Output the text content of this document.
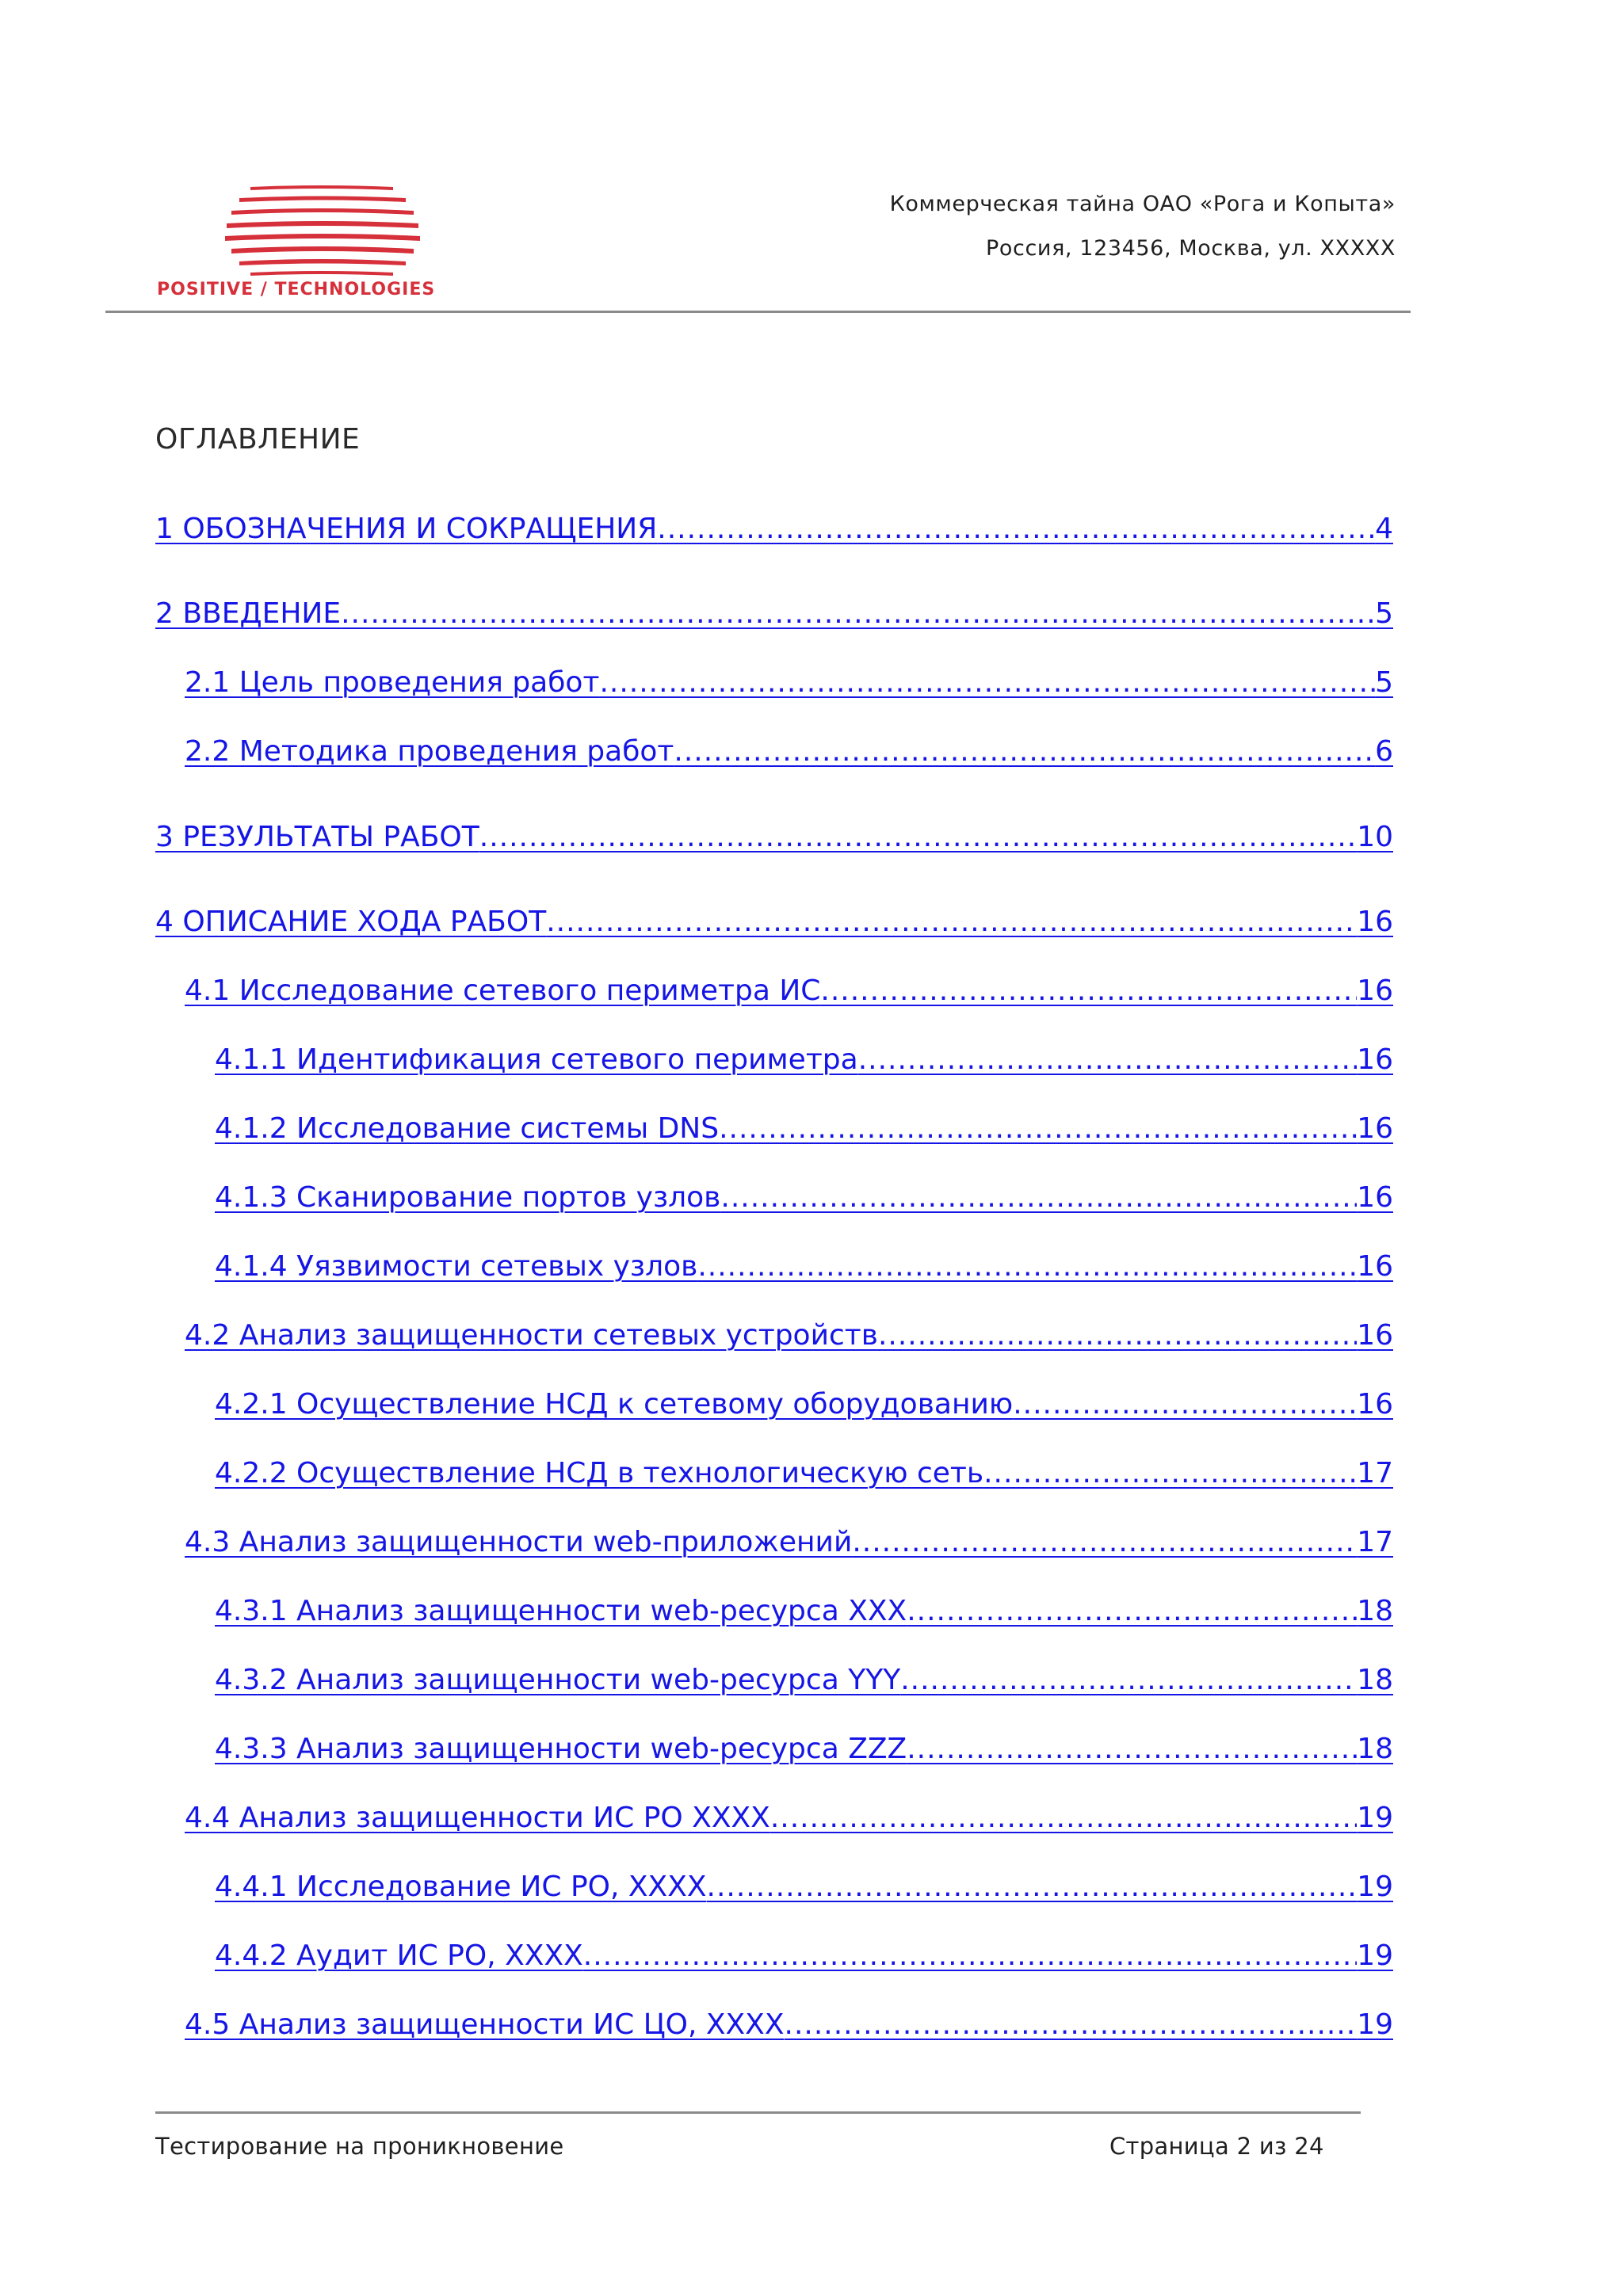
POSITIVE / TECHNOLOGIES
Коммерческая тайна ОАО «Рога и Копыта»
Россия, 123456, Москва, ул. XXXXX
ОГЛАВЛЕНИЕ
1 ОБОЗНАЧЕНИЯ И СОКРАЩЕНИЯ .....	4
2 ВВЕДЕНИЕ .....	5
2.1 Цель проведения работ .....	5
2.2 Методика проведения работ .....	6
3 РЕЗУЛЬТАТЫ РАБОТ .....	10
4 ОПИСАНИЕ ХОДА РАБОТ .....	16
4.1 Исследование сетевого периметра ИС .....	16
4.1.1 Идентификация сетевого периметра .....	16
4.1.2 Исследование системы DNS .....	16
4.1.3 Сканирование портов узлов .....	16
4.1.4 Уязвимости сетевых узлов .....	16
4.2 Анализ защищенности сетевых устройств .....	16
4.2.1 Осуществление НСД к сетевому оборудованию .....	16
4.2.2 Осуществление НСД в технологическую сеть .....	17
4.3 Анализ защищенности web-приложений .....	17
4.3.1 Анализ защищенности web-ресурса XXX .....	18
4.3.2 Анализ защищенности web-ресурса YYY .....	18
4.3.3 Анализ защищенности web-ресурса ZZZ .....	18
4.4 Анализ защищенности ИС РО XXXX .....	19
4.4.1 Исследование ИС РО, XXXX .....	19
4.4.2 Аудит ИС РО, XXXX .....	19
4.5 Анализ защищенности ИС ЦО, XXXX .....	19
Тестирование на проникновение	Страница 2 из 24
